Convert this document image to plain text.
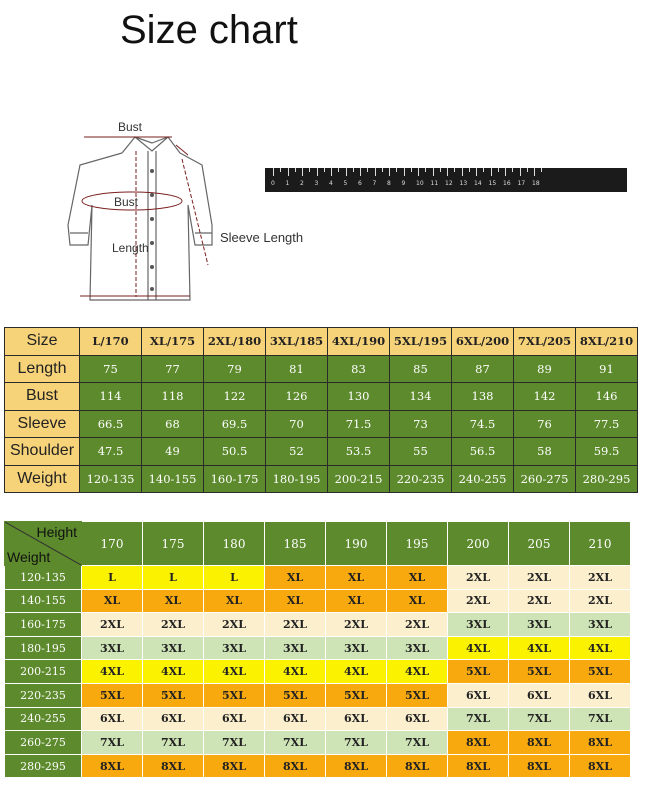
Size chart
Bust
Bust
Length
Sleeve Length
0 1 2 3 4 5 6 7 8 9 10 11 12 13 14 15 16 17 18
Size	L/170	XL/175	2XL/180	3XL/185	4XL/190	5XL/195	6XL/200	7XL/205	8XL/210
Length	75	77	79	81	83	85	87	89	91
Bust	114	118	122	126	130	134	138	142	146
Sleeve	66.5	68	69.5	70	71.5	73	74.5	76	77.5
Shoulder	47.5	49	50.5	52	53.5	55	56.5	58	59.5
Weight	120-135	140-155	160-175	180-195	200-215	220-235	240-255	260-275	280-295
Height
Weight	170	175	180	185	190	195	200	205	210
120-135	L	L	L	XL	XL	XL	2XL	2XL	2XL
140-155	XL	XL	XL	XL	XL	XL	2XL	2XL	2XL
160-175	2XL	2XL	2XL	2XL	2XL	2XL	3XL	3XL	3XL
180-195	3XL	3XL	3XL	3XL	3XL	3XL	4XL	4XL	4XL
200-215	4XL	4XL	4XL	4XL	4XL	4XL	5XL	5XL	5XL
220-235	5XL	5XL	5XL	5XL	5XL	5XL	6XL	6XL	6XL
240-255	6XL	6XL	6XL	6XL	6XL	6XL	7XL	7XL	7XL
260-275	7XL	7XL	7XL	7XL	7XL	7XL	8XL	8XL	8XL
280-295	8XL	8XL	8XL	8XL	8XL	8XL	8XL	8XL	8XL
